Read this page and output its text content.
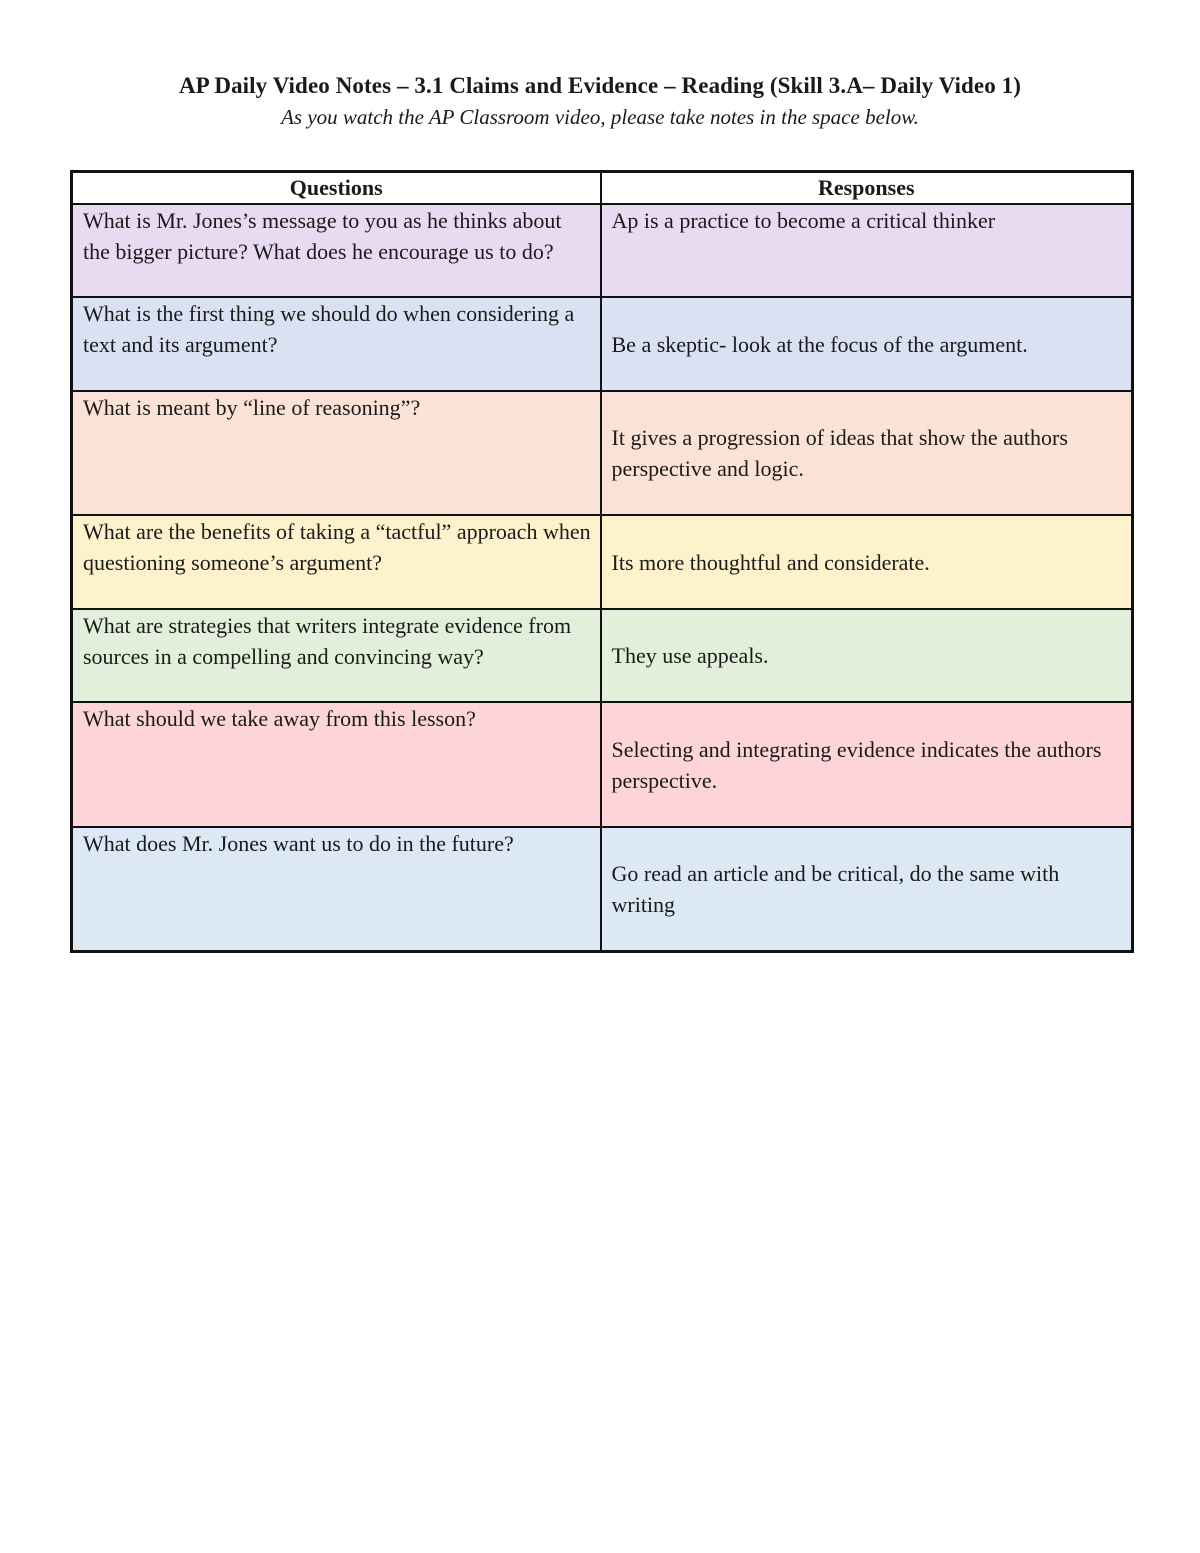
AP Daily Video Notes – 3.1 Claims and Evidence – Reading (Skill 3.A– Daily Video 1)

As you watch the AP Classroom video, please take notes in the space below.

Questions	Responses
What is Mr. Jones’s message to you as he thinks about the bigger picture? What does he encourage us to do?	Ap is a practice to become a critical thinker
What is the first thing we should do when considering a text and its argument?	Be a skeptic- look at the focus of the argument.
What is meant by “line of reasoning”?	It gives a progression of ideas that show the authors perspective and logic.
What are the benefits of taking a “tactful” approach when questioning someone’s argument?	Its more thoughtful and considerate.
What are strategies that writers integrate evidence from sources in a compelling and convincing way?	They use appeals.
What should we take away from this lesson?	Selecting and integrating evidence indicates the authors perspective.
What does Mr. Jones want us to do in the future?	Go read an article and be critical, do the same with writing
